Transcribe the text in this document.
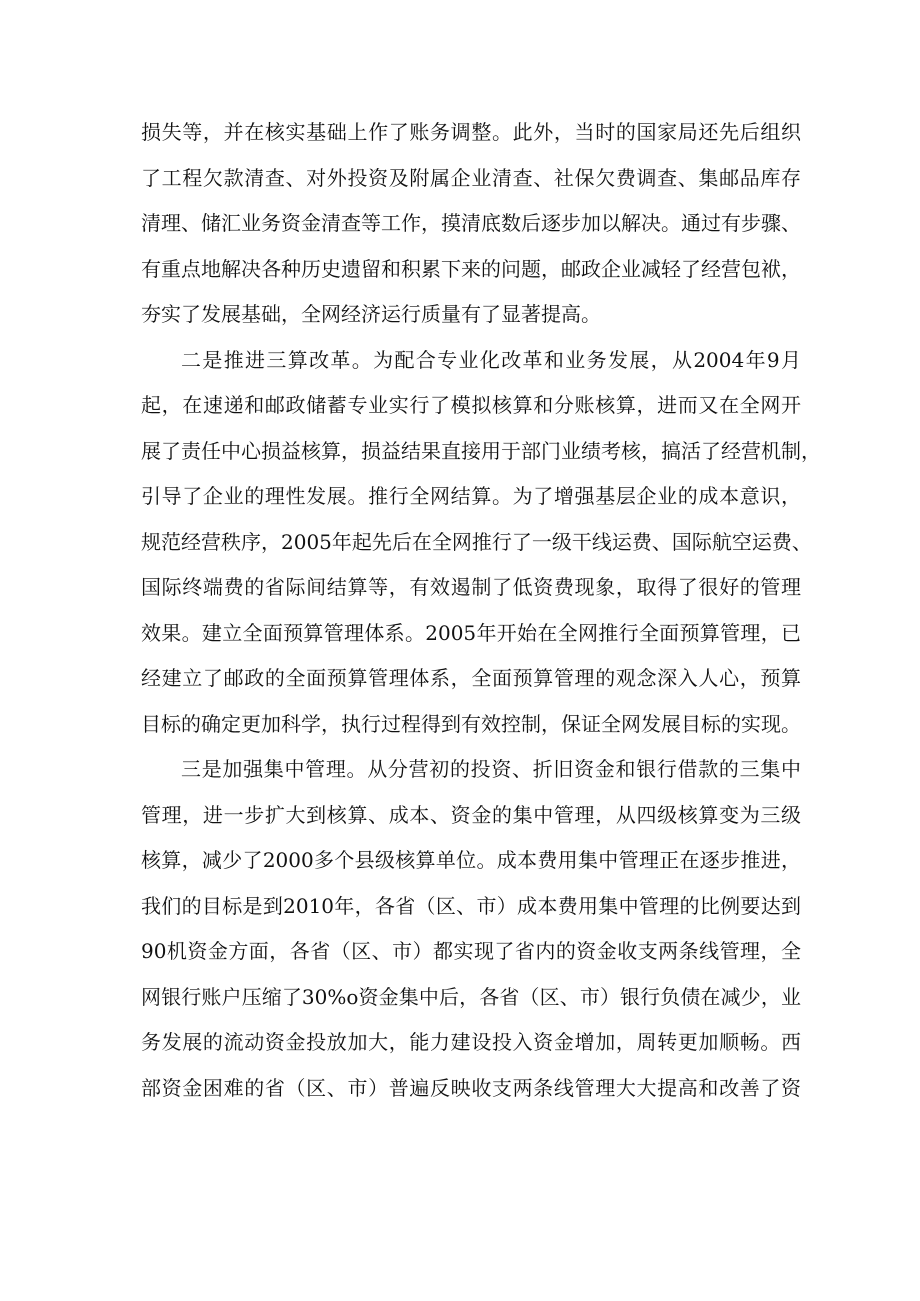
损失等，并在核实基础上作了账务调整。此外，当时的国家局还先后组织
了工程欠款清查、对外投资及附属企业清查、社保欠费调查、集邮品库存
清理、储汇业务资金清查等工作，摸清底数后逐步加以解决。通过有步骤、
有重点地解决各种历史遗留和积累下来的问题，邮政企业减轻了经营包袱，
夯实了发展基础，全网经济运行质量有了显著提高。
二是推进三算改革。为配合专业化改革和业务发展，从2004年9月
起，在速递和邮政储蓄专业实行了模拟核算和分账核算，进而又在全网开
展了责任中心损益核算，损益结果直接用于部门业绩考核，搞活了经营机制，
引导了企业的理性发展。推行全网结算。为了增强基层企业的成本意识，
规范经营秩序，2005年起先后在全网推行了一级干线运费、国际航空运费、
国际终端费的省际间结算等，有效遏制了低资费现象，取得了很好的管理
效果。建立全面预算管理体系。2005年开始在全网推行全面预算管理，已
经建立了邮政的全面预算管理体系，全面预算管理的观念深入人心，预算
目标的确定更加科学，执行过程得到有效控制，保证全网发展目标的实现。
三是加强集中管理。从分营初的投资、折旧资金和银行借款的三集中
管理，进一步扩大到核算、成本、资金的集中管理，从四级核算变为三级
核算，减少了2000多个县级核算单位。成本费用集中管理正在逐步推进，
我们的目标是到2010年，各省（区、市）成本费用集中管理的比例要达到
90机资金方面，各省（区、市）都实现了省内的资金收支两条线管理，全
网银行账户压缩了30%o资金集中后，各省（区、市）银行负债在减少，业
务发展的流动资金投放加大，能力建设投入资金增加，周转更加顺畅。西
部资金困难的省（区、市）普遍反映收支两条线管理大大提高和改善了资
